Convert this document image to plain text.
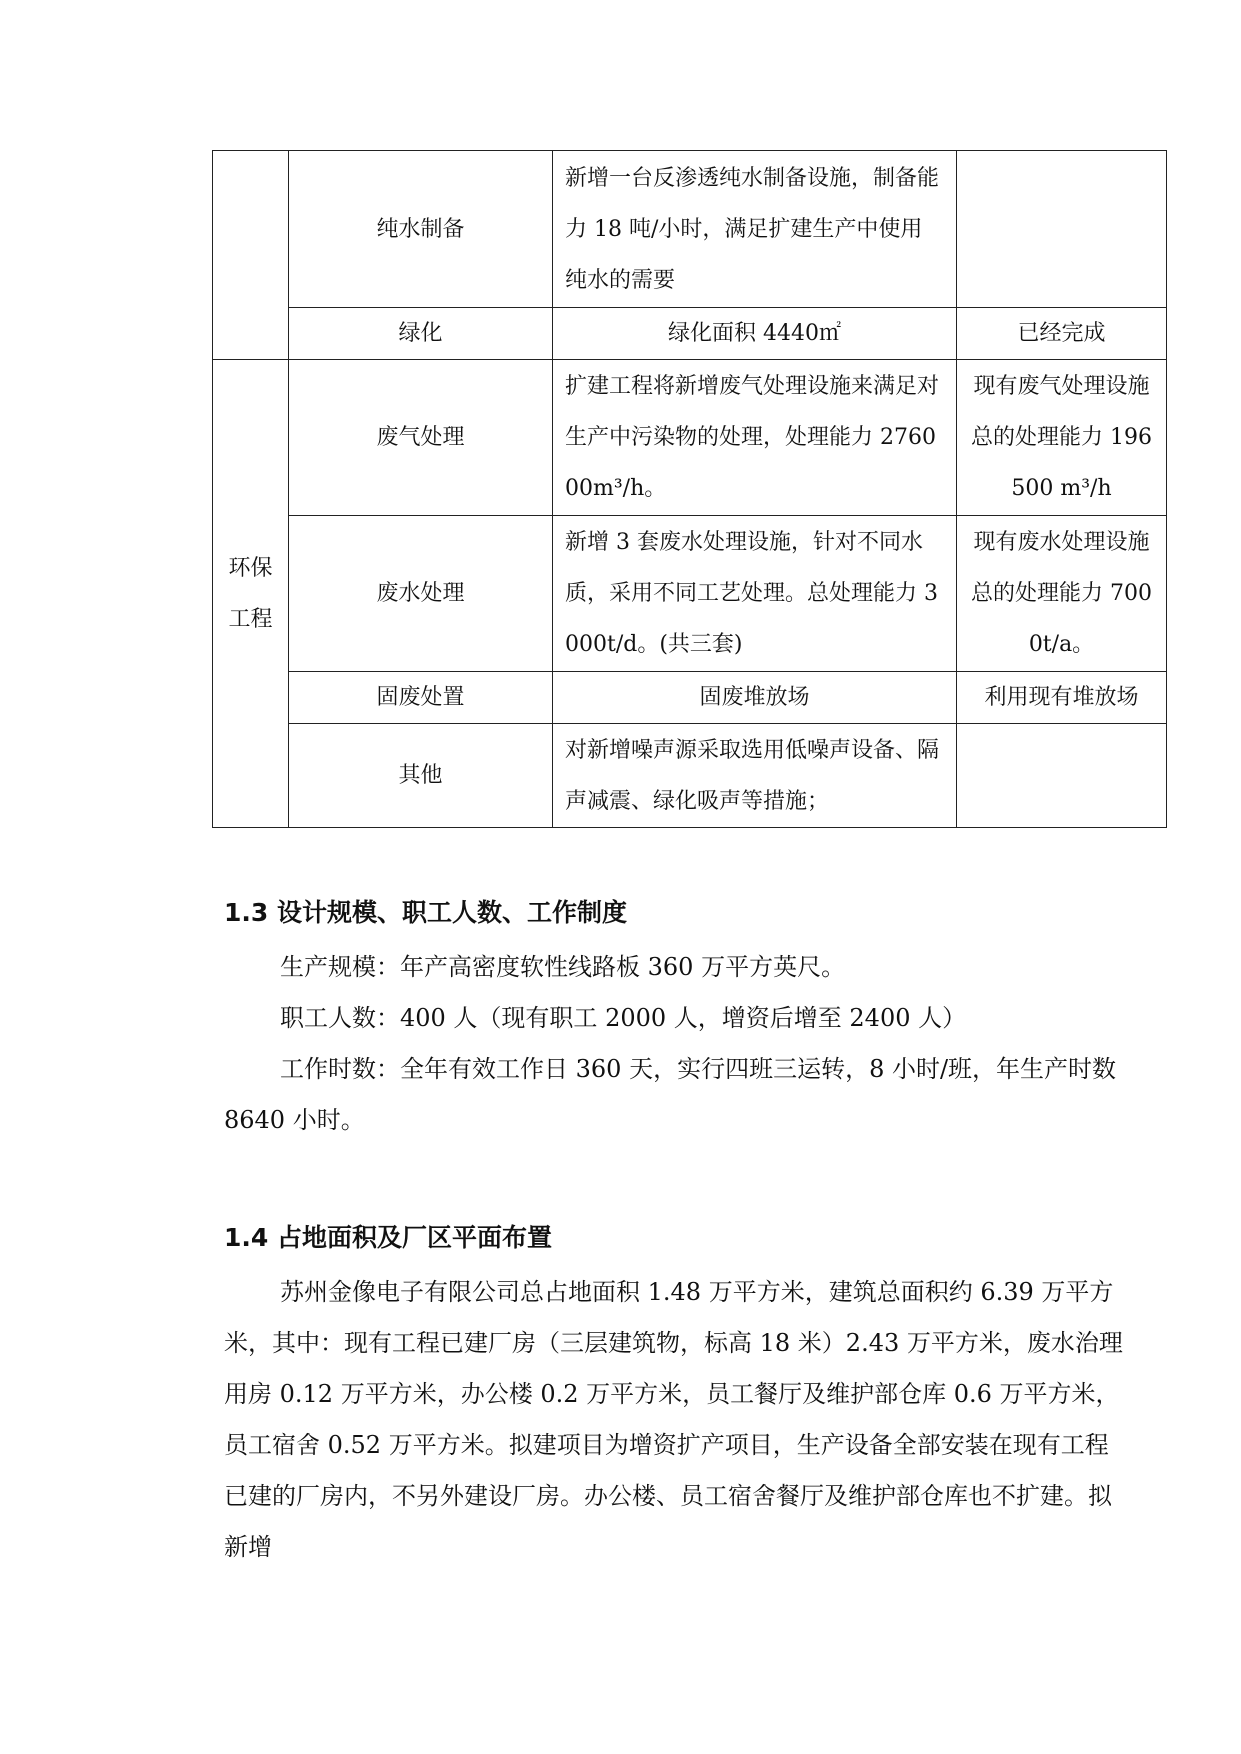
	纯水制备	新增一台反渗透纯水制备设施，制备能力 18 吨/小时，满足扩建生产中使用纯水的需要	
	绿化	绿化面积 4440㎡	已经完成

环保
工程	废气处理	扩建工程将新增废气处理设施来满足对生产中污染物的处理，处理能力 276000m³/h。	现有废气处理设施总的处理能力 196500 m³/h
	废水处理	新增 3 套废水处理设施，针对不同水质，采用不同工艺处理。总处理能力 3000t/d。(共三套)	现有废水处理设施总的处理能力 7000t/a。
	固废处置	固废堆放场	利用现有堆放场
	其他	对新增噪声源采取选用低噪声设备、隔声减震、绿化吸声等措施；	
1.3 设计规模、职工人数、工作制度

生产规模：年产高密度软性线路板 360 万平方英尺。

职工人数：400 人（现有职工 2000 人，增资后增至 2400 人）

工作时数：全年有效工作日 360 天，实行四班三运转，8 小时/班，年生产时数 8640 小时。

1.4 占地面积及厂区平面布置

苏州金像电子有限公司总占地面积 1.48 万平方米，建筑总面积约 6.39 万平方米，其中：现有工程已建厂房（三层建筑物，标高 18 米）2.43 万平方米，废水治理用房 0.12 万平方米，办公楼 0.2 万平方米，员工餐厅及维护部仓库 0.6 万平方米，员工宿舍 0.52 万平方米。拟建项目为增资扩产项目，生产设备全部安装在现有工程已建的厂房内，不另外建设厂房。办公楼、员工宿舍餐厅及维护部仓库也不扩建。拟新增
